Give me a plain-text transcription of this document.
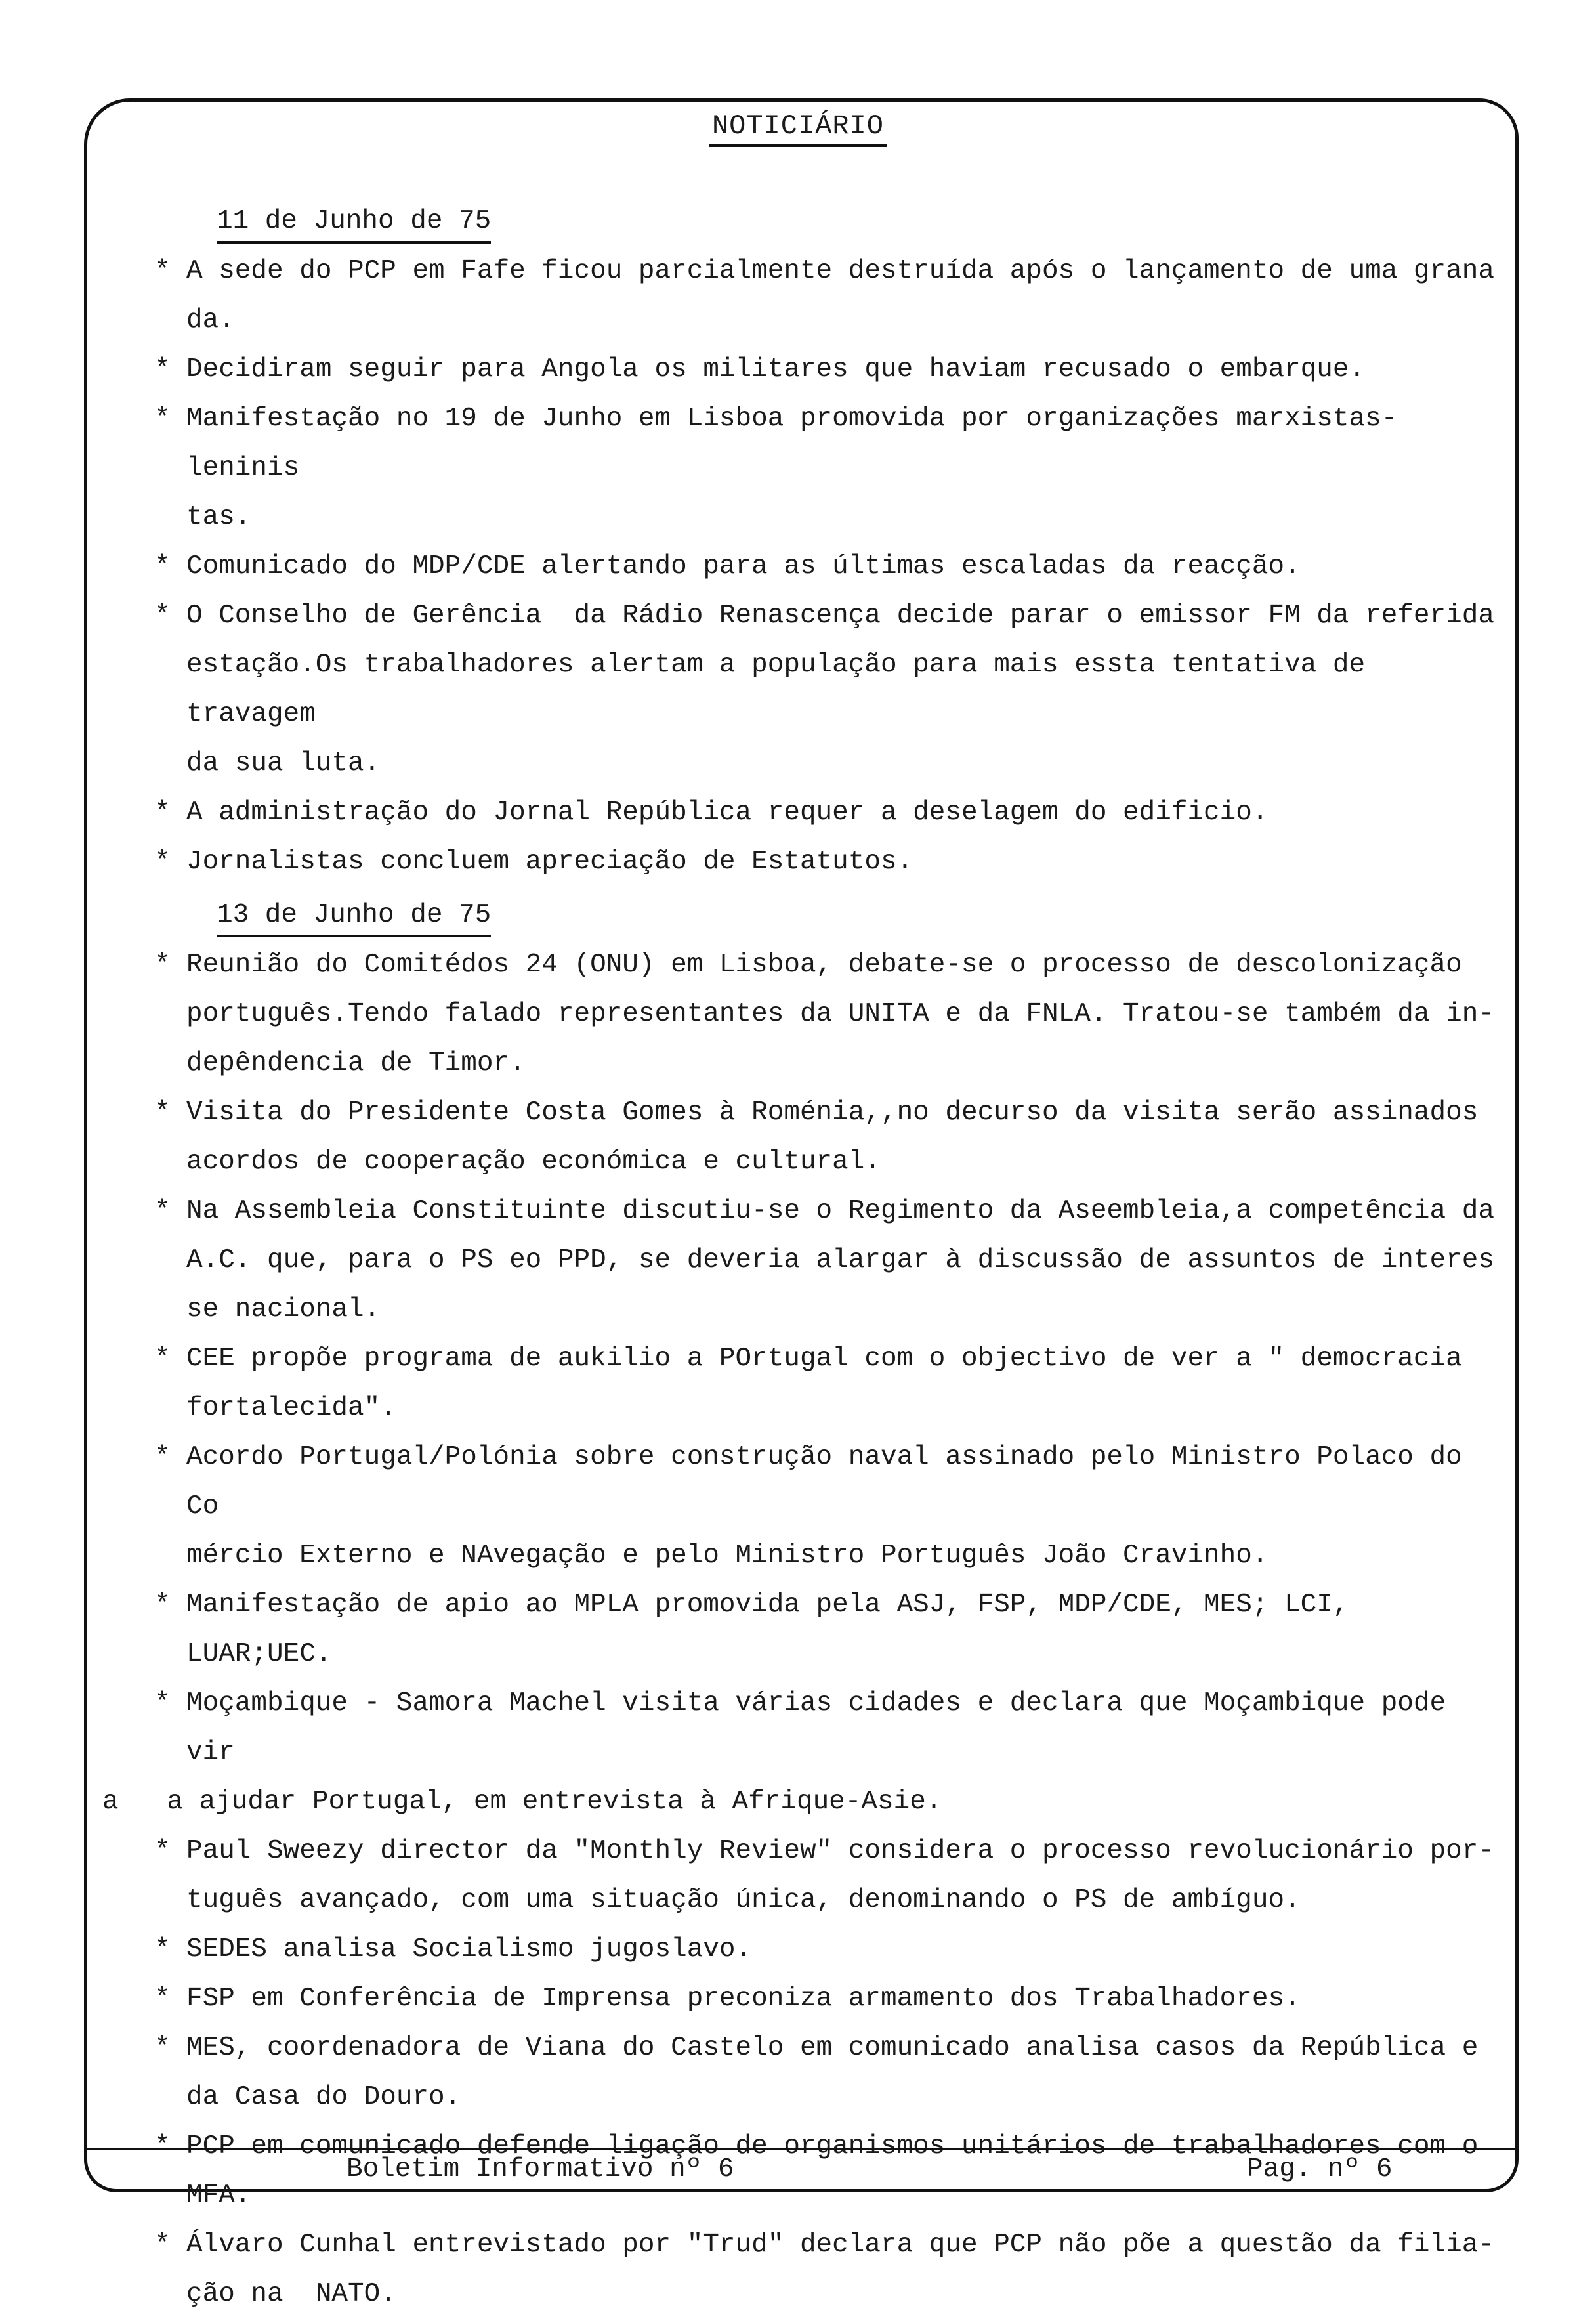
NOTICIÁRIO
11 de Junho de 75
* A sede do PCP em Fafe ficou parcialmente destruída após o lançamento de uma grana
da.
* Decidiram seguir para Angola os militares que haviam recusado o embarque.
* Manifestação no 19 de Junho em Lisboa promovida por organizações marxistas-leninis
tas.
* Comunicado do MDP/CDE alertando para as últimas escaladas da reacção.
* O Conselho de Gerência  da Rádio Renascença decide parar o emissor FM da referida
estação.Os trabalhadores alertam a população para mais essta tentativa de travagem
da sua luta.
* A administração do Jornal República requer a deselagem do edificio.
* Jornalistas concluem apreciação de Estatutos.
13 de Junho de 75
* Reunião do Comitédos 24 (ONU) em Lisboa, debate-se o processo de descolonização
português.Tendo falado representantes da UNITA e da FNLA. Tratou-se também da in-
depêndencia de Timor.
* Visita do Presidente Costa Gomes à Roménia,,no decurso da visita serão assinados
acordos de cooperação económica e cultural.
* Na Assembleia Constituinte discutiu-se o Regimento da Aseembleia,a competência da
A.C. que, para o PS eo PPD, se deveria alargar à discussão de assuntos de interes
se nacional.
* CEE propõe programa de aukilio a POrtugal com o objectivo de ver a " democracia
fortalecida".
* Acordo Portugal/Polónia sobre construção naval assinado pelo Ministro Polaco do Co
mércio Externo e NAvegação e pelo Ministro Português João Cravinho.
* Manifestação de apio ao MPLA promovida pela ASJ, FSP, MDP/CDE, MES; LCI, LUAR;UEC.
* Moçambique - Samora Machel visita várias cidades e declara que Moçambique pode vir
a   a ajudar Portugal, em entrevista à Afrique-Asie.
* Paul Sweezy director da "Monthly Review" considera o processo revolucionário por-
tuguês avançado, com uma situação única, denominando o PS de ambíguo.
* SEDES analisa Socialismo jugoslavo.
* FSP em Conferência de Imprensa preconiza armamento dos Trabalhadores.
* MES, coordenadora de Viana do Castelo em comunicado analisa casos da República e
da Casa do Douro.
* PCP em comunicado defende ligação de organismos unitários de trabalhadores com o
MFA.
* Álvaro Cunhal entrevistado por "Trud" declara que PCP não põe a questão da filia-
ção na  NATO.
Boletim Informativo nº 6	Pag. nº 6
